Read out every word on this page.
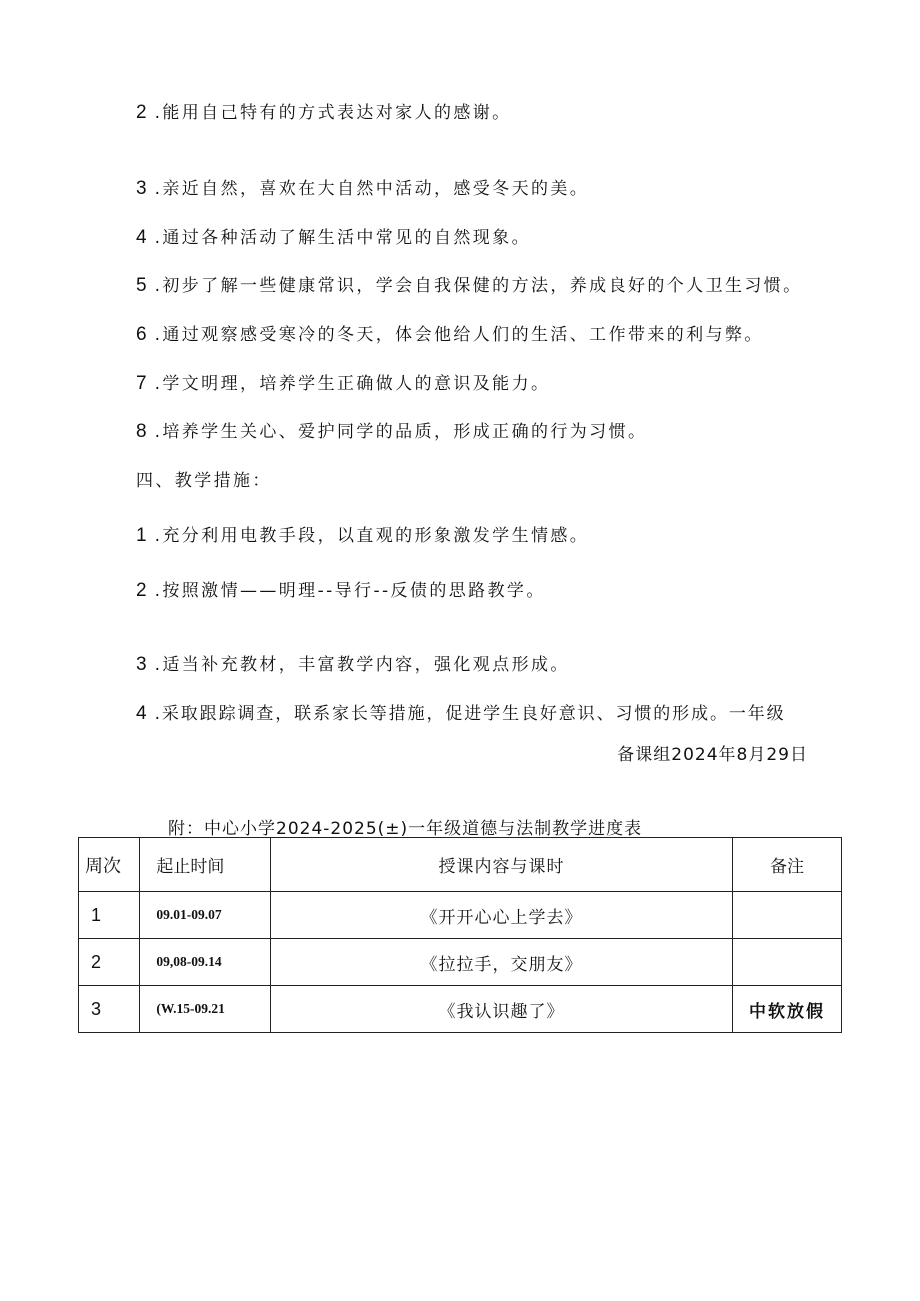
2 .能用自己特有的方式表达对家人的感谢。
3 .亲近自然，喜欢在大自然中活动，感受冬天的美。
4 .通过各种活动了解生活中常见的自然现象。
5 .初步了解一些健康常识，学会自我保健的方法，养成良好的个人卫生习惯。
6 .通过观察感受寒冷的冬天，体会他给人们的生活、工作带来的利与弊。
7 .学文明理，培养学生正确做人的意识及能力。
8 .培养学生关心、爱护同学的品质，形成正确的行为习惯。
四、教学措施：
1 .充分利用电教手段，以直观的形象激发学生情感。
2 .按照激情——明理--导行--反债的思路教学。
3 .适当补充教材，丰富教学内容，强化观点形成。
4 .采取跟踪调查，联系家长等措施，促进学生良好意识、习惯的形成。一年级
备课组2024年8月29日
附：中心小学2024-2025(±)一年级道德与法制教学进度表
周次	起止时间	授课内容与课时	备注
1	09.01-09.07	《开开心心上学去》	
2	09,08-09.14	《拉拉手，交朋友》	
3	(W.15-09.21	《我认识趣了》	中软放假
